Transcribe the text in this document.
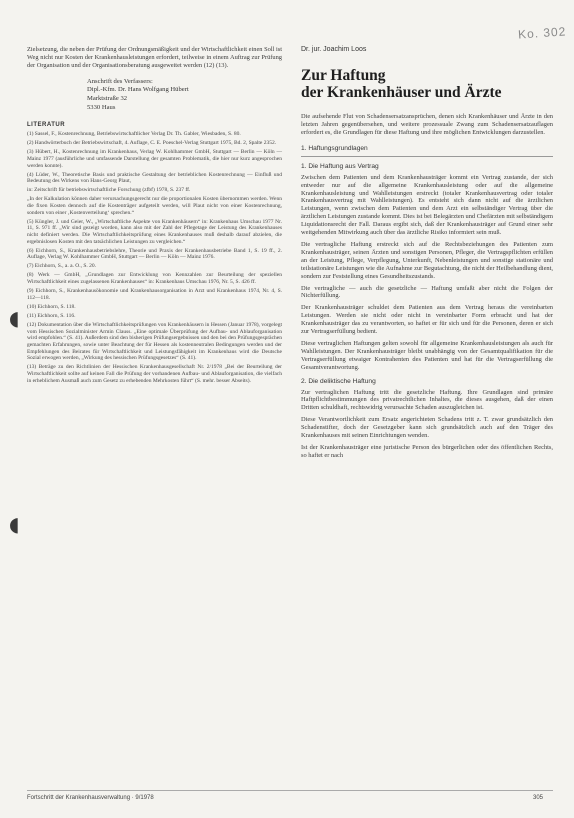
Ko. 302
◖
◖

Zielsetzung, die neben der Prüfung der Ordnungsmäßigkeit und der Wirtschaftlichkeit einen Soll ist Weg nicht nur Kosten der Krankenhausleistungen erfordert, teilweise in einem Auftrag zur Prüfung der Organisation und der Organisationsberatung ausgeweitet werden (12) (13).

Anschrift des Verfassers:
Dipl.-Kfm. Dr. Hans Wolfgang Hübert
Marktstraße 32
5330 Haus
LITERATUR

(1) Sassel, F., Kostenrechnung, Betriebswirtschaftlicher Verlag Dr. Th. Gabler, Wiesbaden, S. 80.

(2) Handwörterbuch der Betriebswirtschaft, 4. Auflage, C. E. Poeschel-Verlag Stuttgart 1975, Bd. 2, Spalte 2352.

(3) Hübert, H., Kostenrechnung im Krankenhaus, Verlag W. Kohlhammer GmbH, Stuttgart — Berlin — Köln — Mainz 1977 (ausführliche und umfassende Darstellung der gesamten Problematik, die hier nur kurz angesprochen werden konnte).

(4) Lüder, W., Theoretische Basis und praktische Gestaltung der betrieblichen Kostenrechnung — Einfluß und Bedeutung des Wirkens von Hans-Georg Plaut,

in: Zeitschrift für betriebswirtschaftliche Forschung (zfbf) 1978, S. 237 ff.

„In der Kalkulation können daher verursachungsgerecht nur die proportionalen Kosten übernommen werden. Wenn die fixen Kosten dennoch auf die Kostenträger aufgeteilt werden, will Plaut nicht von einer Kostenrechnung, sondern von einer ‚Kostenverteilung‘ sprechen.“

(5) Küngler, J. und Geier, W., „Wirtschaftliche Aspekte von Krankenhäusern“ in: Krankenhaus Umschau 1977 Nr. 11, S. 971 ff. „Wir sind gezeigt worden, kann also mit der Zahl der Pflegetage der Leistung des Krankenhauses nicht definiert werden. Die Wirtschaftlichkeitsprüfung eines Krankenhauses muß deshalb darauf abzielen, die ergebnislosen Kosten mit den tatsächlichen Leistungen zu vergleichen.“

(6) Eichhorn, S., Krankenhausbetriebslehre, Theorie und Praxis der Krankenhausbetriebe Band 1, S. 19 ff., 2. Auflage, Verlag W. Kohlhammer GmbH, Stuttgart — Berlin — Köln — Mainz 1976.

(7) Eichhorn, S., a. a. O., S. 20.

(8) Werk — GmbH, „Grundlagen zur Entwicklung von Kennzahlen zur Beurteilung der speziellen Wirtschaftlichkeit eines zugelassenen Krankenhauses“ in: Krankenhaus Umschau 1976, Nr. 5, S. 426 ff.

(9) Eichhorn, S., Krankenhausökonomie und Krankenhausorganisation in Arzt und Krankenhaus 1974, Nr. 4, S. 112—118.

(10) Eichhorn, S. 118.

(11) Eichhorn, S. 116.

(12) Dokumentation über die Wirtschaftlichkeitsprüfungen von Krankenhäusern in Hessen (Januar 1978), vorgelegt vom Hessischen Sozialminister Armin Clauss. „Eine optimale Überprüfung der Aufbau- und Ablauforganisation wird empfohlen.“ (S. 41). Außerdem sind den bisherigen Prüfungsergebnissen und den bei den Prüfungsgesprächen gemachten Erfahrungen, sowie unter Beachtung der für Hessen als kostenneutralen Bedingungen werden und der Empfehlungen des Beirates für Wirtschaftlichkeit und Leistungsfähigkeit im Krankenhaus wird die Deutsche Sozial erwogen werden, „Wirkung des hessischen Prüfungsgesetzes“ (S. 41).

(13) Beträge zu den Richtlinien der Hessischen Krankenhausgesellschaft Nr. 2/1978 „Bei der Beurteilung der Wirtschaftlichkeit sollte auf keinen Fall die Prüfung der vorhandenen Aufbau- und Ablauforganisation, die vielfach in erheblichem Ausmaß auch zum Gesetz zu erhebenden Mehrkosten führt“ (S. mehr. besser Abseits).

Dr. jur. Joachim Loos
Zur Haftung
der Krankenhäuser und Ärzte

Die aufsehende Flut von Schadensersatzansprüchen, denen sich Krankenhäuser und Ärzte in den letzten Jahren gegenübersehen, und weitere prozessuale Zwang zum Schadensersatzauflagen erfordert es, die Grundlagen für diese Haftung und ihre möglichen Entwicklungen darzustellen.

1. Haftungsgrundlagen
1. Die Haftung aus Vertrag

Zwischen dem Patienten und dem Krankenhausträger kommt ein Vertrag zustande, der sich entweder nur auf die allgemeine Krankenhausleistung oder auf die allgemeine Krankenhausleistung und Wahlleistungen erstreckt (totaler Krankenhausvertrag oder totaler Krankenhausvertrag mit Wahlleistungen). Es entsteht sich dann nicht auf die ärztlichen Leistungen, wenn zwischen dem Patienten und dem Arzt ein selbständiger Vertrag über die ärztlichen Leistungen zustande kommt. Dies ist bei Belegärzten und Chefärzten mit selbständigem Liquidationsrecht der Fall. Daraus ergibt sich, daß der Krankenhausträger auf Grund einer sehr weitgehenden Mitwirkung auch über das ärztliche Risiko informiert sein muß.

Die vertragliche Haftung erstreckt sich auf die Rechtsbeziehungen des Patienten zum Krankenhausträger, seinen Ärzten und sonstigen Personen, Pfleger, die Vertragspflichten erfüllen an der Leistung, Pflege, Verpflegung, Unterkunft, Nebenleistungen und sonstige stationäre und teilstationäre Leistungen wie die Aufnahme zur Begutachtung, die nicht der Heilbehandlung dient, sondern zur Feststellung eines Gesundheitszustands.

Die vertragliche — auch die gesetzliche — Haftung umfaßt aber nicht die Folgen der Nichterfüllung.

Der Krankenhausträger schuldet dem Patienten aus dem Vertrag heraus die vereinbarten Leistungen. Werden sie nicht oder nicht in vereinbarter Form erbracht und hat der Krankenhausträger das zu verantworten, so haftet er für sich und für die Personen, deren er sich zur Vertragserfüllung bedient.

Diese vertraglichen Haftungen gelten sowohl für allgemeine Krankenhausleistungen als auch für Wahlleistungen. Der Krankenhausträger bleibt unabhängig von der Gesamtqualifikation für die Vertragserfüllung etwaiger Kontrahenten des Patienten und hat für die Vertragserfüllung die Gesamtverantwortung.

2. Die deliktische Haftung

Zur vertraglichen Haftung tritt die gesetzliche Haftung. Ihre Grundlagen sind primäre Haftpflichtbestimmungen des privatrechtlichen Inhaltes, die dieses ausgehen, daß der einen Dritten schuldhaft, rechtswidrig verursachte Schaden auszugleichen ist.

Diese Verantwortlichkeit zum Ersatz angerichteten Schadens tritt z. T. zwar grundsätzlich den Schadenstifter, doch der Gesetzgeber kann sich grundsätzlich auch auf den Träger des Krankenhauses mit seinen Einrichtungen wenden.

Ist der Krankenhausträger eine juristische Person des bürgerlichen oder des öffentlichen Rechts, so haftet er nach

Fortschritt der Krankenhausverwaltung · 9/1978	305
